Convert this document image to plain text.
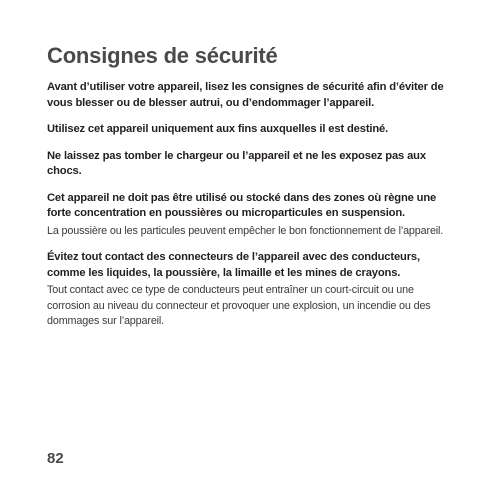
Consignes de sécurité

Avant d’utiliser votre appareil, lisez les consignes de sécurité afin d’éviter de vous blesser ou de blesser autrui, ou d’endommager l’appareil.

Utilisez cet appareil uniquement aux fins auxquelles il est destiné.

Ne laissez pas tomber le chargeur ou l’appareil et ne les exposez pas aux chocs.

Cet appareil ne doit pas être utilisé ou stocké dans des zones où règne une forte concentration en poussières ou microparticules en suspension.

La poussière ou les particules peuvent empêcher le bon fonctionnement de l’appareil.

Évitez tout contact des connecteurs de l’appareil avec des conducteurs, comme les liquides, la poussière, la limaille et les mines de crayons.

Tout contact avec ce type de conducteurs peut entraîner un court-circuit ou une corrosion au niveau du connecteur et provoquer une explosion, un incendie ou des dommages sur l’appareil.

82
